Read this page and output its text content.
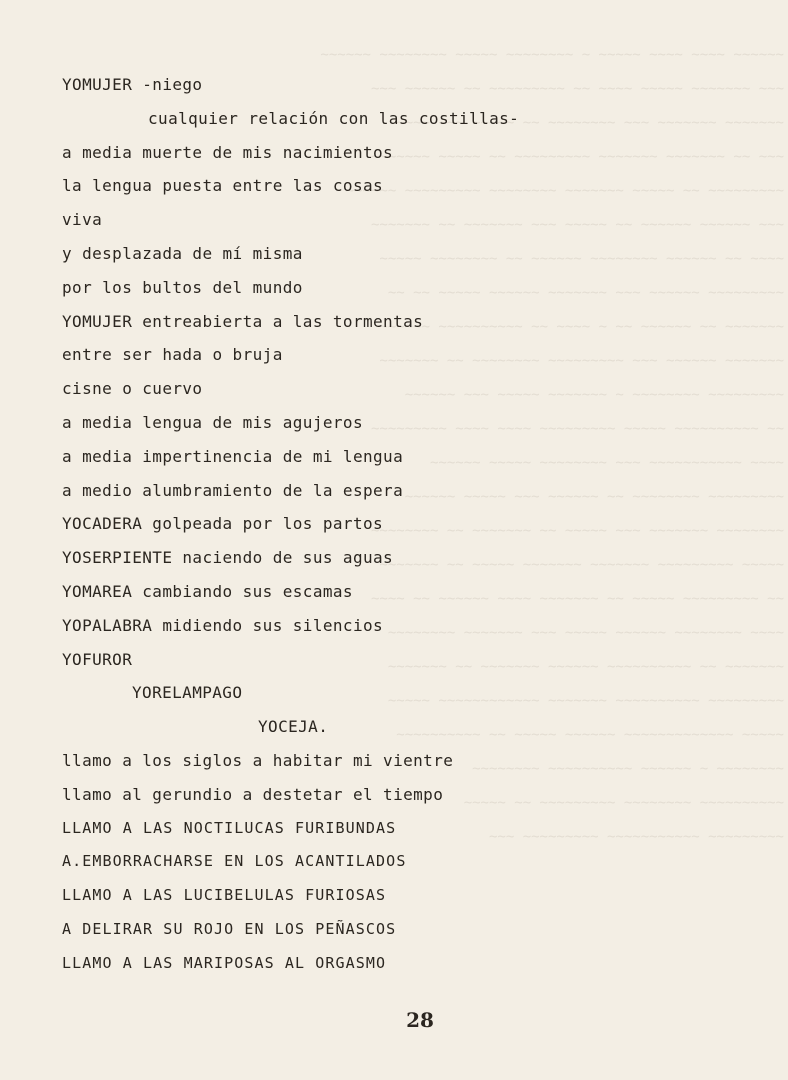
~~~~~~ ~~~~~~~~ ~~~~~ ~~~~~~~~ ~ ~~~~~ ~~~~ ~~~~ ~~~~~~
~~~ ~~~~~~ ~~ ~~~~~~~~~ ~~ ~~~~ ~~~~~ ~~~~~~~ ~~~
~~~~ ~~~ ~~~~~ ~~ ~~~~~~~~ ~~~ ~~~~~~~ ~~~~~~~
~~~~~~~ ~~~~~ ~~ ~~~~~~~~~ ~~~~~~~ ~~~~~~~ ~~ ~~~
~~~~~~ ~~~~~~~~~ ~~~~~~~~ ~~~~~~~ ~~~~~ ~~ ~~~~~~~~~
~~~~~~~ ~~ ~~~~~~~ ~~~ ~~~~~ ~~ ~~~~~~ ~~~~~~ ~~~
~~~~~ ~~~~~~~~ ~~ ~~~~~~ ~~~~~~~~ ~~~~~~ ~~ ~~~~
~~ ~~ ~~~~~ ~~~~~~ ~~~~~~~ ~~~ ~~~~~~ ~~~~~~~~~
~~~~~~ ~~~~~~~~~~ ~~ ~~~~ ~ ~~ ~~~~~~ ~~ ~~~~~~~
~~~~~~~ ~~ ~~~~~~~~ ~~~~~~~~~ ~~~ ~~~~~~ ~~~~~~~
~~~~~~ ~~~ ~~~~~ ~~~~~~~ ~ ~~~~~~~~ ~~~~~~~~~
~~~~~~~~~ ~~~~ ~~~~ ~~~~~~~~~ ~~~~~ ~~~~~~~~~~ ~~
~~~~~~ ~~~~~ ~~~~~~~~ ~~~ ~~~~~~~~~~~ ~~~~
~~~~~~ ~~~~~ ~~~ ~~~~~~ ~~ ~~~~~~~~ ~~~~~~~~~
~~~~~~~~ ~~ ~~~~~~~ ~~ ~~~~~ ~~~ ~~~~~~~ ~~~~~~~~
~~~~~~~ ~~ ~~~~~ ~~~~~~~ ~~~~~~~ ~~~~~~~~~ ~~~~~
~~~~ ~~ ~~~~~~ ~~~~ ~~~~~~~ ~~ ~~~~~ ~~~~~~~~~ ~~
~~~~~~~~ ~~~~~~~ ~~~ ~~~~~ ~~~~~~ ~~~~~~~~ ~~~~
~~~~~~~ ~~ ~~~~~~~ ~~~~~~ ~~~~~~~~~~ ~~ ~~~~~~~
~~~~~ ~~~~~~~~~~~~ ~~~~~~~ ~~~~~~~~~~ ~~~~~~~~~
~~~~~~~~~~ ~~ ~~~~~ ~~~~~~ ~~~~~~~~~~~~~ ~~~~~
~~~~~~~~ ~~~~~~~~~~ ~~~~~~ ~ ~~~~~~~~
~~~~~ ~~ ~~~~~~~~~ ~~~~~~~~ ~~~~~~~~~~
~~~ ~~~~~~~~~ ~~~~~~~~~~~ ~~~~~~~~~
YOMUJER -niego
cualquier relación con las costillas-
a media muerte de mis nacimientos
la lengua puesta entre las cosas
viva
y desplazada de mí misma
por los bultos del mundo
YOMUJER entreabierta a las tormentas
entre ser hada o bruja
cisne o cuervo
a media lengua de mis agujeros
a media impertinencia de mi lengua
a medio alumbramiento de la espera
YOCADERA golpeada por los partos
YOSERPIENTE naciendo de sus aguas
YOMAREA cambiando sus escamas
YOPALABRA midiendo sus silencios
YOFUROR
YORELAMPAGO
YOCEJA.
llamo a los siglos a habitar mi vientre
llamo al gerundio a destetar el tiempo
LLAMO A LAS NOCTILUCAS FURIBUNDAS
A.EMBORRACHARSE EN LOS ACANTILADOS
LLAMO A LAS LUCIBELULAS FURIOSAS
A DELIRAR SU ROJO EN LOS PEÑASCOS
LLAMO A LAS MARIPOSAS AL ORGASMO
28
